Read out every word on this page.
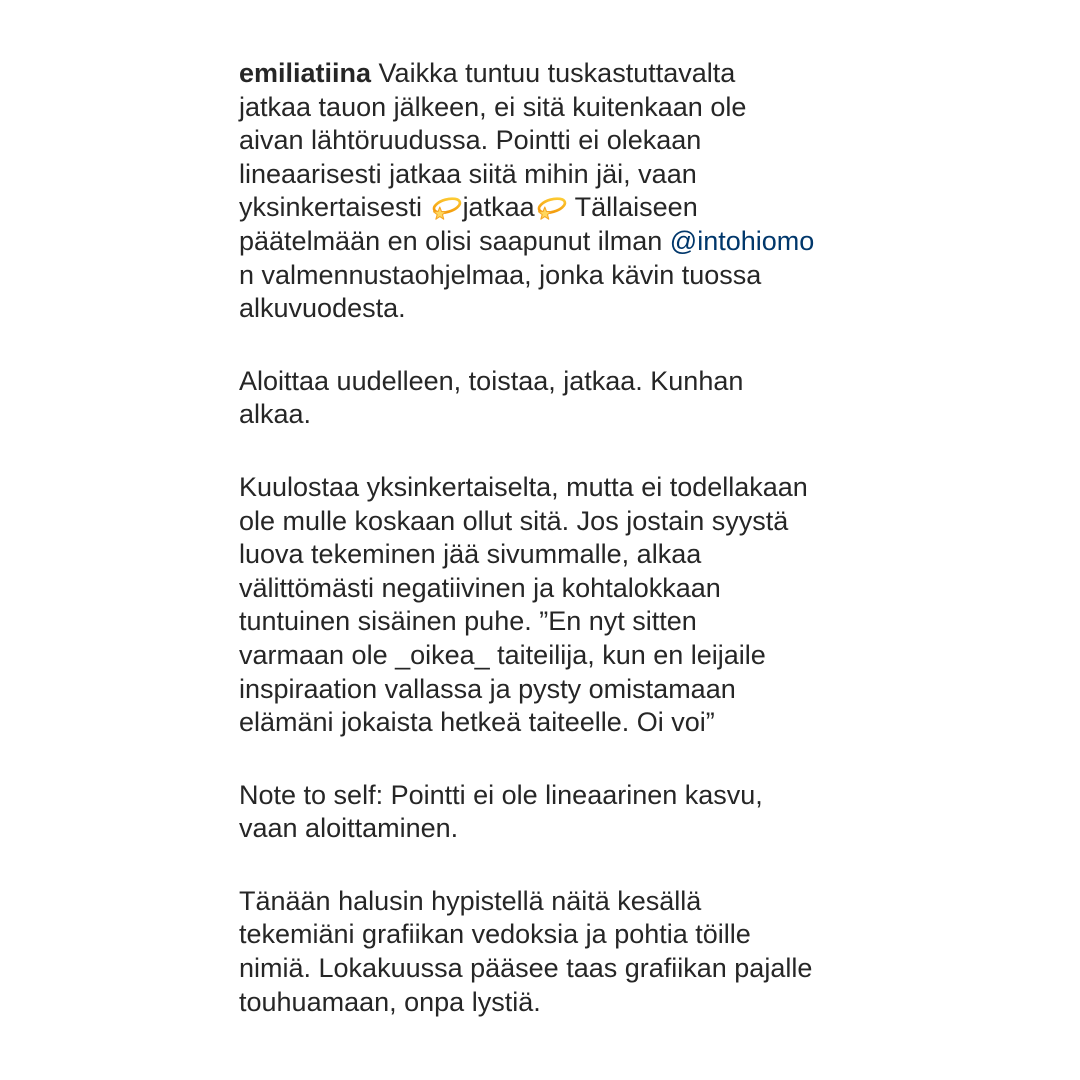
emiliatiina Vaikka tuntuu tuskastuttavalta
jatkaa tauon jälkeen, ei sitä kuitenkaan ole
aivan lähtöruudussa. Pointti ei olekaan
lineaarisesti jatkaa siitä mihin jäi, vaan
yksinkertaisesti jatkaa Tällaiseen
päätelmään en olisi saapunut ilman @intohiomo
n valmennustaohjelmaa, jonka kävin tuossa
alkuvuodesta.
Aloittaa uudelleen, toistaa, jatkaa. Kunhan
alkaa.
Kuulostaa yksinkertaiselta, mutta ei todellakaan
ole mulle koskaan ollut sitä. Jos jostain syystä
luova tekeminen jää sivummalle, alkaa
välittömästi negatiivinen ja kohtalokkaan
tuntuinen sisäinen puhe. ”En nyt sitten
varmaan ole _oikea_ taiteilija, kun en leijaile
inspiraation vallassa ja pysty omistamaan
elämäni jokaista hetkeä taiteelle. Oi voi”
Note to self: Pointti ei ole lineaarinen kasvu,
vaan aloittaminen.
Tänään halusin hypistellä näitä kesällä
tekemiäni grafiikan vedoksia ja pohtia töille
nimiä. Lokakuussa pääsee taas grafiikan pajalle
touhuamaan, onpa lystiä.
